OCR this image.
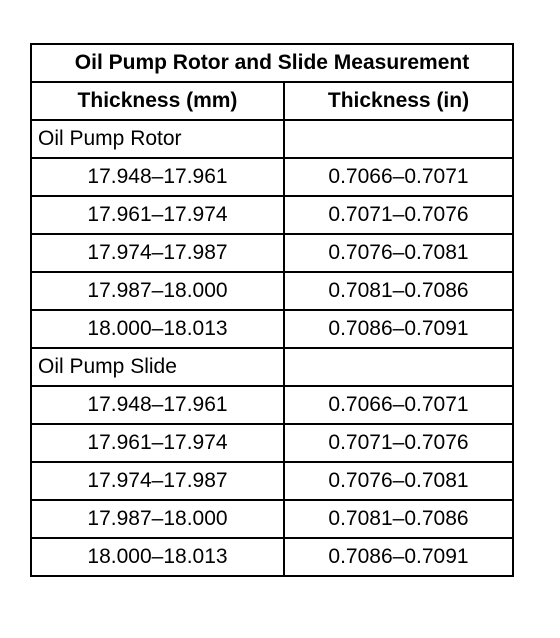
Oil Pump Rotor and Slide Measurement	
Thickness (mm)	Thickness (in)
Oil Pump Rotor	
17.948–17.961	0.7066–0.7071
17.961–17.974	0.7071–0.7076
17.974–17.987	0.7076–0.7081
17.987–18.000	0.7081–0.7086
18.000–18.013	0.7086–0.7091
Oil Pump Slide	
17.948–17.961	0.7066–0.7071
17.961–17.974	0.7071–0.7076
17.974–17.987	0.7076–0.7081
17.987–18.000	0.7081–0.7086
18.000–18.013	0.7086–0.7091
